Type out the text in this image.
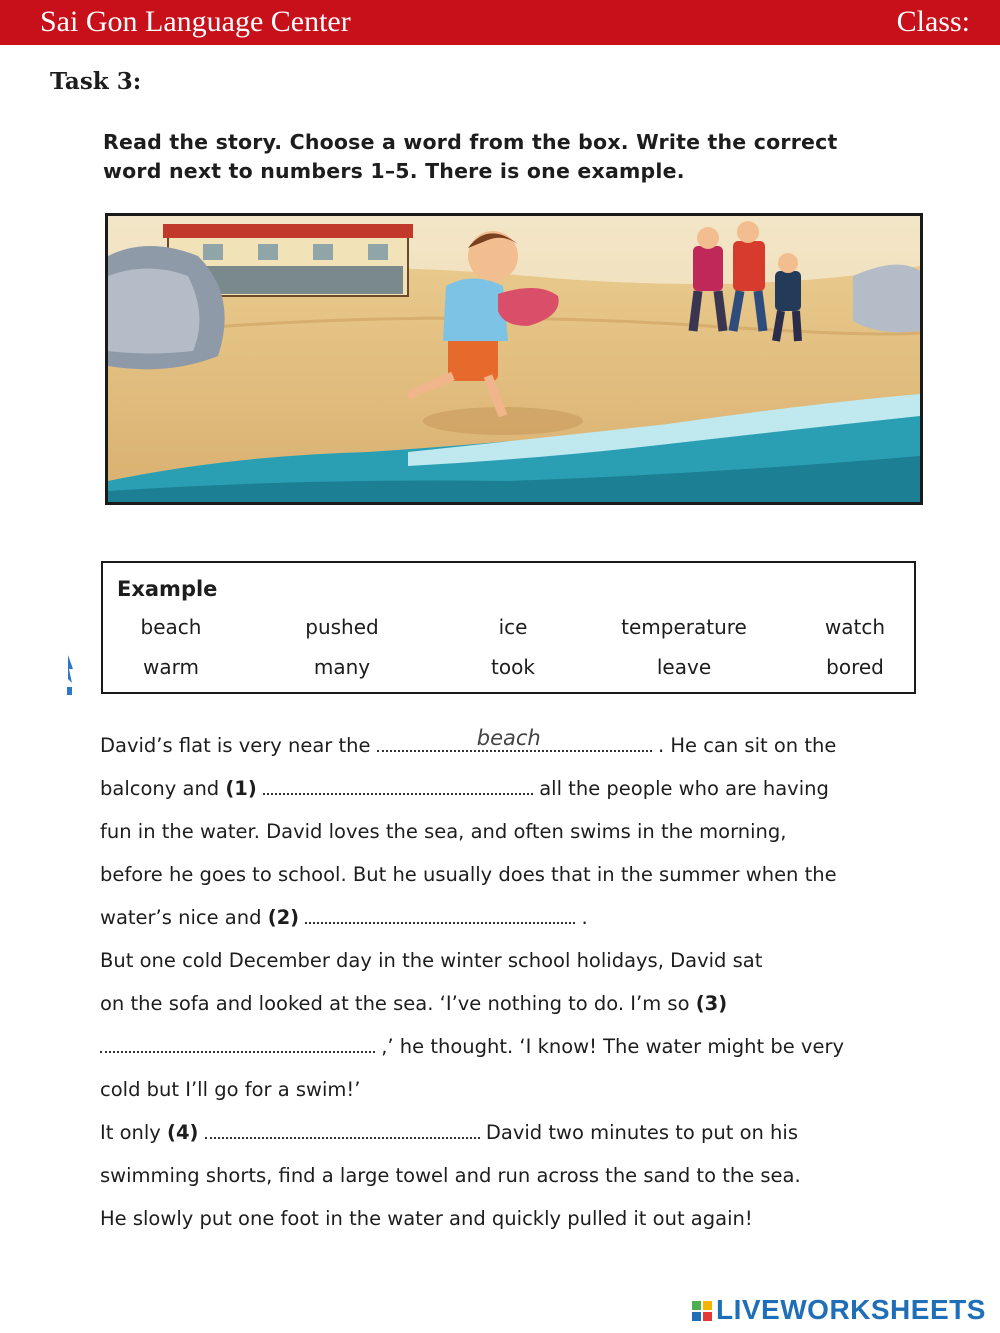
Sai Gon Language Center	Class:
Task 3:
Read the story. Choose a word from the box. Write the correct
word next to numbers 1–5. There is one example.
Example
beach	pushed	ice	temperature	watch
warm	many	took	leave	bored
David’s flat is very near the	beach	. He can sit on the
balcony and (1)	all the people who are having
fun in the water. David loves the sea, and often swims in the morning,
before he goes to school. But he usually does that in the summer when the
water’s nice and (2)	.
But one cold December day in the winter school holidays, David sat
on the sofa and looked at the sea. ‘I’ve nothing to do. I’m so (3)
,’ he thought. ‘I know! The water might be very
cold but I’ll go for a swim!’
It only (4)	David two minutes to put on his
swimming shorts, find a large towel and run across the sand to the sea.
He slowly put one foot in the water and quickly pulled it out again!
LIVEWORKSHEETS
